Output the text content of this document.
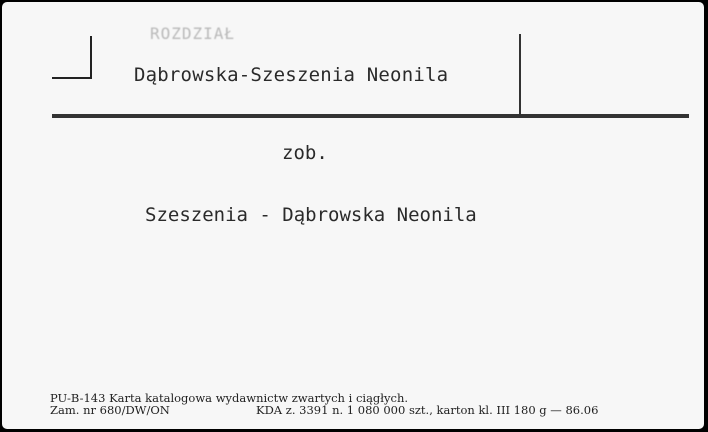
ROZDZIAŁ
Dąbrowska-Szeszenia Neonila
zob.
Szeszenia - Dąbrowska Neonila
PU-B-143 Karta katalogowa wydawnictw zwartych i ciągłych.
Zam. nr 680/DW/ON	KDA z. 3391 n. 1 080 000 szt., karton kl. III 180 g — 86.06
